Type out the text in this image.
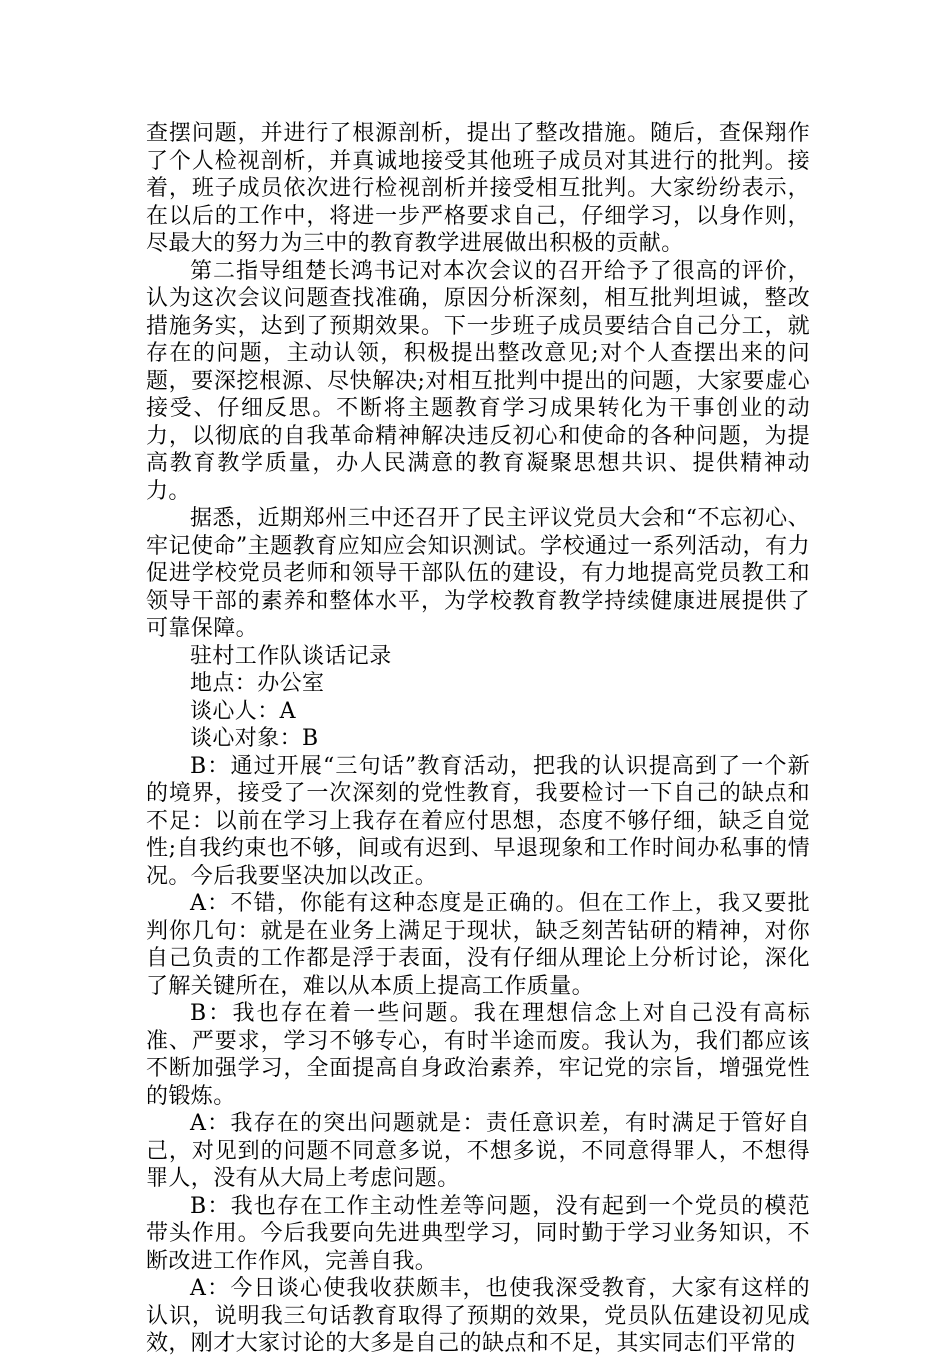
查摆问题，并进行了根源剖析，提出了整改措施。随后，查保翔作了个人检视剖析，并真诚地接受其他班子成员对其进行的批判。接着，班子成员依次进行检视剖析并接受相互批判。大家纷纷表示，在以后的工作中，将进一步严格要求自己，仔细学习，以身作则，尽最大的努力为三中的教育教学进展做出积极的贡献。

第二指导组楚长鸿书记对本次会议的召开给予了很高的评价，认为这次会议问题查找准确，原因分析深刻，相互批判坦诚，整改措施务实，达到了预期效果。下一步班子成员要结合自己分工，就存在的问题，主动认领，积极提出整改意见;对个人查摆出来的问题，要深挖根源、尽快解决;对相互批判中提出的问题，大家要虚心接受、仔细反思。不断将主题教育学习成果转化为干事创业的动力，以彻底的自我革命精神解决违反初心和使命的各种问题，为提高教育教学质量，办人民满意的教育凝聚思想共识、提供精神动力。

据悉，近期郑州三中还召开了民主评议党员大会和“不忘初心、牢记使命”主题教育应知应会知识测试。学校通过一系列活动，有力促进学校党员老师和领导干部队伍的建设，有力地提高党员教工和领导干部的素养和整体水平，为学校教育教学持续健康进展提供了可靠保障。

驻村工作队谈话记录

地点：办公室

谈心人：A

谈心对象：B

B：通过开展“三句话”教育活动，把我的认识提高到了一个新的境界，接受了一次深刻的党性教育，我要检讨一下自己的缺点和不足：以前在学习上我存在着应付思想，态度不够仔细，缺乏自觉性;自我约束也不够，间或有迟到、早退现象和工作时间办私事的情况。今后我要坚决加以改正。

A：不错，你能有这种态度是正确的。但在工作上，我又要批判你几句：就是在业务上满足于现状，缺乏刻苦钻研的精神，对你自己负责的工作都是浮于表面，没有仔细从理论上分析讨论，深化了解关键所在，难以从本质上提高工作质量。

B：我也存在着一些问题。我在理想信念上对自己没有高标准、严要求，学习不够专心，有时半途而废。我认为，我们都应该不断加强学习，全面提高自身政治素养，牢记党的宗旨，增强党性的锻炼。

A：我存在的突出问题就是：责任意识差，有时满足于管好自己，对见到的问题不同意多说，不想多说，不同意得罪人，不想得罪人，没有从大局上考虑问题。

B：我也存在工作主动性差等问题，没有起到一个党员的模范带头作用。今后我要向先进典型学习，同时勤于学习业务知识，不断改进工作作风，完善自我。

A：今日谈心使我收获颇丰，也使我深受教育，大家有这样的认识，说明我三句话教育取得了预期的效果，党员队伍建设初见成效，刚才大家讨论的大多是自己的缺点和不足，其实同志们平常的
